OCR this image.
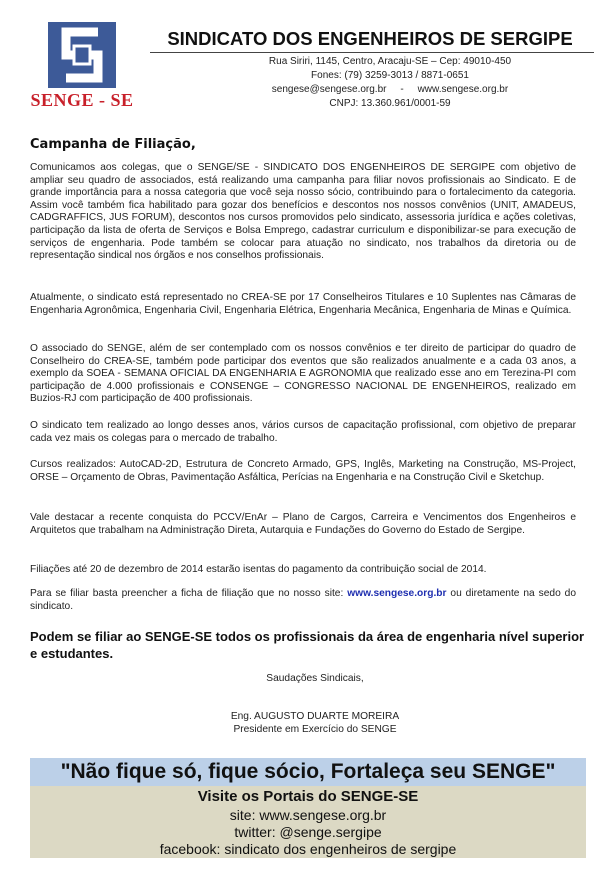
SENGE - SE
SINDICATO DOS ENGENHEIROS DE SERGIPE
Rua Siriri, 1145, Centro, Aracaju-SE – Cep: 49010-450
Fones: (79) 3259-3013 / 8871-0651
sengese@sengese.org.br     -     www.sengese.org.br
CNPJ: 13.360.961/0001-59
Campanha de Filiação,

Comunicamos aos colegas, que o SENGE/SE - SINDICATO DOS ENGENHEIROS DE SERGIPE com objetivo de ampliar seu quadro de associados, está realizando uma campanha para filiar novos profissionais ao Sindicato. E de grande importância para a nossa categoria que você seja nosso sócio, contribuindo para o fortalecimento da categoria. Assim você também fica habilitado para gozar dos benefícios e descontos nos nossos convênios (UNIT, AMADEUS, CADGRAFFICS, JUS FORUM), descontos nos cursos promovidos pelo sindicato, assessoria jurídica e ações coletivas, participação da lista de oferta de Serviços e Bolsa Emprego, cadastrar curriculum e disponibilizar-se para execução de serviços de engenharia. Pode também se colocar para atuação no sindicato, nos trabalhos da diretoria ou de representação sindical nos órgãos e nos conselhos profissionais.

Atualmente, o sindicato está representado no CREA-SE por 17 Conselheiros Titulares e 10 Suplentes nas Câmaras de Engenharia Agronômica, Engenharia Civil, Engenharia Elétrica, Engenharia Mecânica, Engenharia de Minas e Química.

O associado do SENGE, além de ser contemplado com os nossos convênios e ter direito de participar do quadro de Conselheiro do CREA-SE, também pode participar dos eventos que são realizados anualmente e a cada 03 anos, a exemplo da SOEA - SEMANA OFICIAL DA ENGENHARIA E AGRONOMIA que realizado esse ano em Terezina-PI com participação de 4.000 profissionais e CONSENGE – CONGRESSO NACIONAL DE ENGENHEIROS, realizado em Buzios-RJ com participação de 400 profissionais.

O sindicato tem realizado ao longo desses anos, vários cursos de capacitação profissional, com objetivo de preparar cada vez mais os colegas para o mercado de trabalho.

Cursos realizados: AutoCAD-2D, Estrutura de Concreto Armado, GPS, Inglês, Marketing na Construção, MS-Project, ORSE – Orçamento de Obras, Pavimentação Asfáltica, Perícias na Engenharia e na Construção Civil e Sketchup.

Vale destacar a recente conquista do PCCV/EnAr – Plano de Cargos, Carreira e Vencimentos dos Engenheiros e Arquitetos que trabalham na Administração Direta, Autarquia e Fundações do Governo do Estado de Sergipe.

Filiações até 20 de dezembro de 2014 estarão isentas do pagamento da contribuição social de 2014.

Para se filiar basta preencher a ficha de filiação que no nosso site: www.sengese.org.br ou diretamente na sedo do sindicato.

Podem se filiar ao SENGE-SE todos os profissionais da área de engenharia nível superior e estudantes.
Saudações Sindicais,
Eng. AUGUSTO DUARTE MOREIRA
Presidente em Exercício do SENGE
"Não fique só, fique sócio, Fortaleça seu SENGE"
Visite os Portais do SENGE-SE
site: www.sengese.org.br
twitter: @senge.sergipe
facebook: sindicato dos engenheiros de sergipe
